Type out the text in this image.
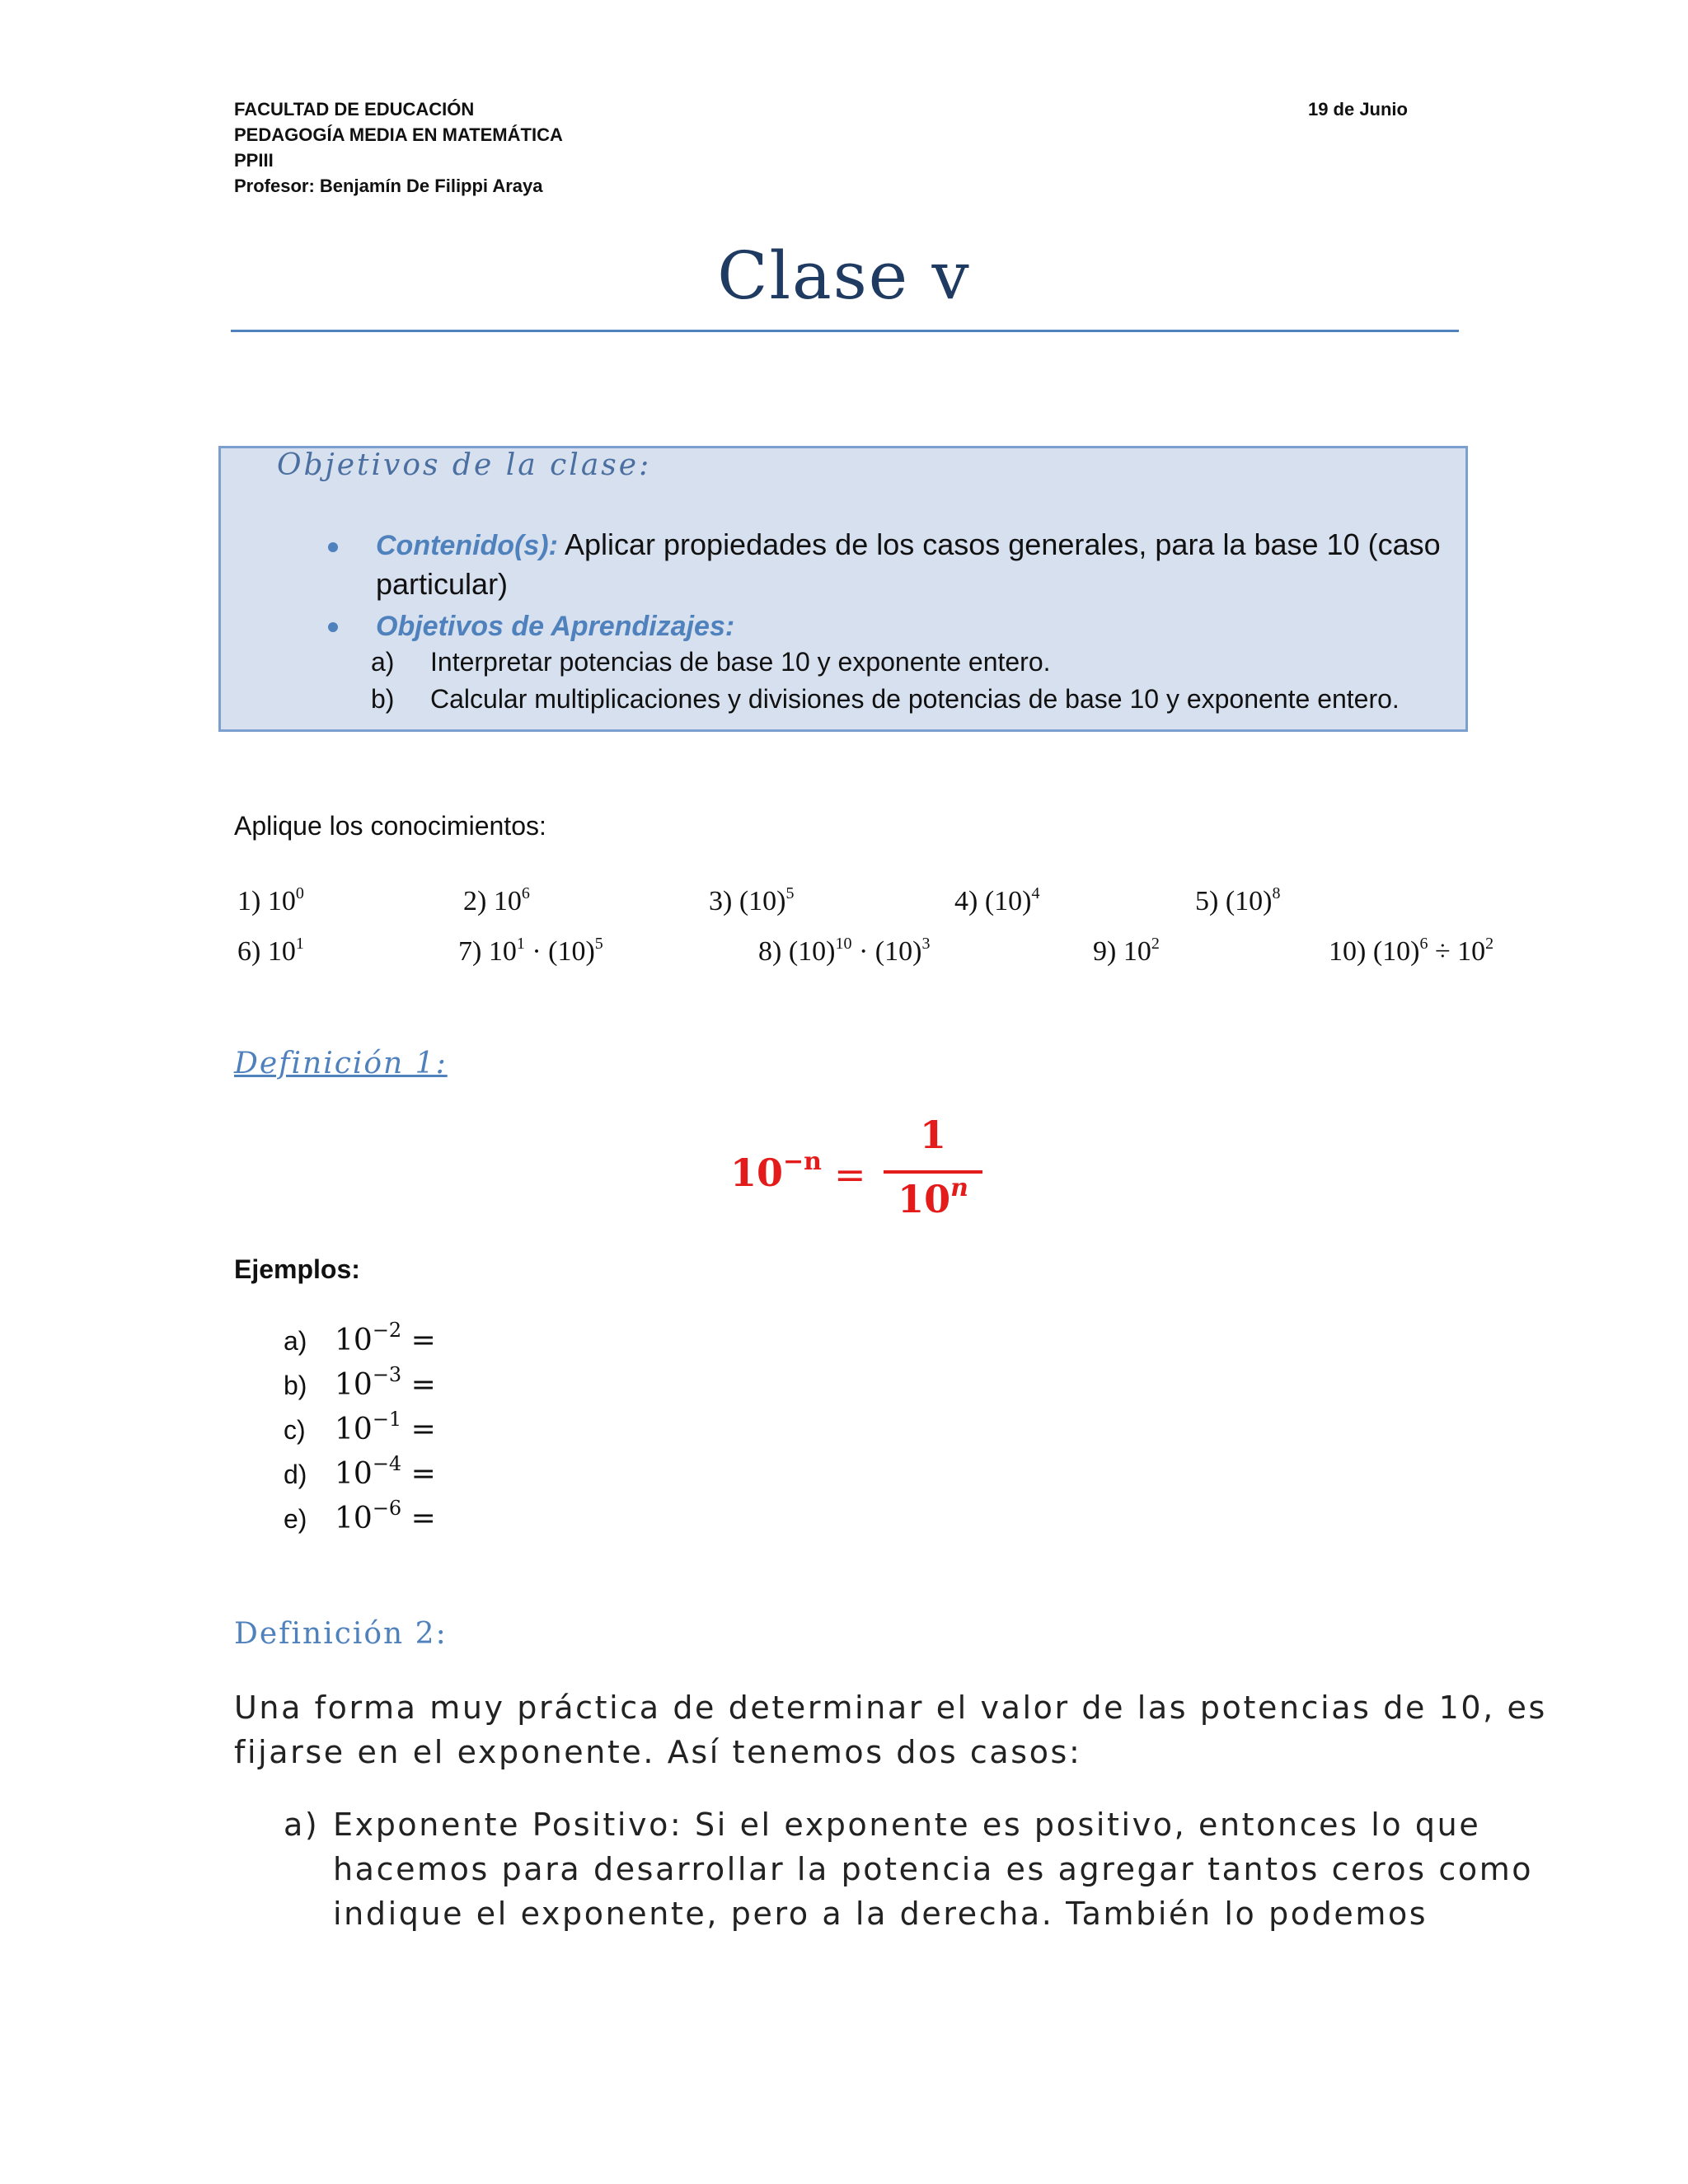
FACULTAD DE EDUCACIÓN
PEDAGOGÍA MEDIA EN MATEMÁTICA
PPIII
Profesor: Benjamín De Filippi Araya
19 de Junio
Clase v
Objetivos de la clase:
Contenido(s): Aplicar propiedades de los casos generales, para la base 10 (caso
particular)
Objetivos de Aprendizajes:
a) Interpretar potencias de base 10 y exponente entero.
b) Calcular multiplicaciones y divisiones de potencias de base 10 y exponente entero.
Aplique los conocimientos:
1) $10^0$	2) $10^6$	3) $(10)^5$	4) $(10)^4$	5) $(10)^8$
6) $10^1$	7) $10^1 \cdot (10)^5$	8) $(10)^{10} \cdot (10)^3$	9) $10^2$	10) $(10)^6 \div 10^2$
Definición 1:
$10^{-n}$ =
1
10$^n$
Ejemplos:
a) $10^{-2}$ =
b) $10^{-3}$ =
c) $10^{-1}$ =
d) $10^{-4}$ =
e) $10^{-6}$ =
Definición 2:
Una forma muy práctica de determinar el valor de las potencias de 10, es
fijarse en el exponente. Así tenemos dos casos:
a) Exponente Positivo: Si el exponente es positivo, entonces lo que
hacemos para desarrollar la potencia es agregar tantos ceros como
indique el exponente, pero a la derecha. También lo podemos
